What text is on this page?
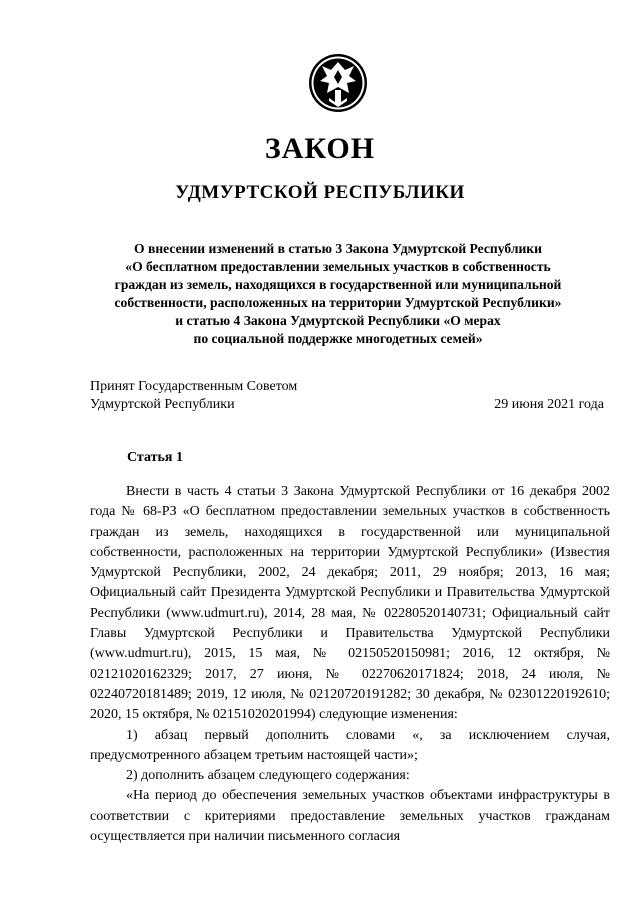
ЗАКОН
УДМУРТСКОЙ РЕСПУБЛИКИ
О внесении изменений в статью 3 Закона Удмуртской Республики
«О бесплатном предоставлении земельных участков в собственность
граждан из земель, находящихся в государственной или муниципальной
собственности, расположенных на территории Удмуртской Республики»
и статью 4 Закона Удмуртской Республики «О мерах
по социальной поддержке многодетных семей»
Принят Государственным Советом
Удмуртской Республики	29 июня 2021 года
Статья 1

Внести в часть 4 статьи 3 Закона Удмуртской Республики от 16 декабря 2002 года № 68-РЗ «О бесплатном предоставлении земельных участков в собственность граждан из земель, находящихся в государственной или муниципальной собственности, расположенных на территории Удмуртской Республики» (Известия Удмуртской Республики, 2002, 24 декабря; 2011, 29 ноября; 2013, 16 мая; Официальный сайт Президента Удмуртской Республики и Правительства Удмуртской Республики (www.udmurt.ru), 2014, 28 мая, № 02280520140731; Официальный сайт Главы Удмуртской Республики и Правительства Удмуртской Республики (www.udmurt.ru), 2015, 15 мая, № 02150520150981; 2016, 12 октября, № 02121020162329; 2017, 27 июня, № 02270620171824; 2018, 24 июля, № 02240720181489; 2019, 12 июля, № 02120720191282; 30 декабря, № 02301220192610; 2020, 15 октября, № 02151020201994) следующие изменения:

1) абзац первый дополнить словами «, за исключением случая, предусмотренного абзацем третьим настоящей части»;

2) дополнить абзацем следующего содержания:

«На период до обеспечения земельных участков объектами инфраструктуры в соответствии с критериями предоставление земельных участков гражданам осуществляется при наличии письменного согласия
